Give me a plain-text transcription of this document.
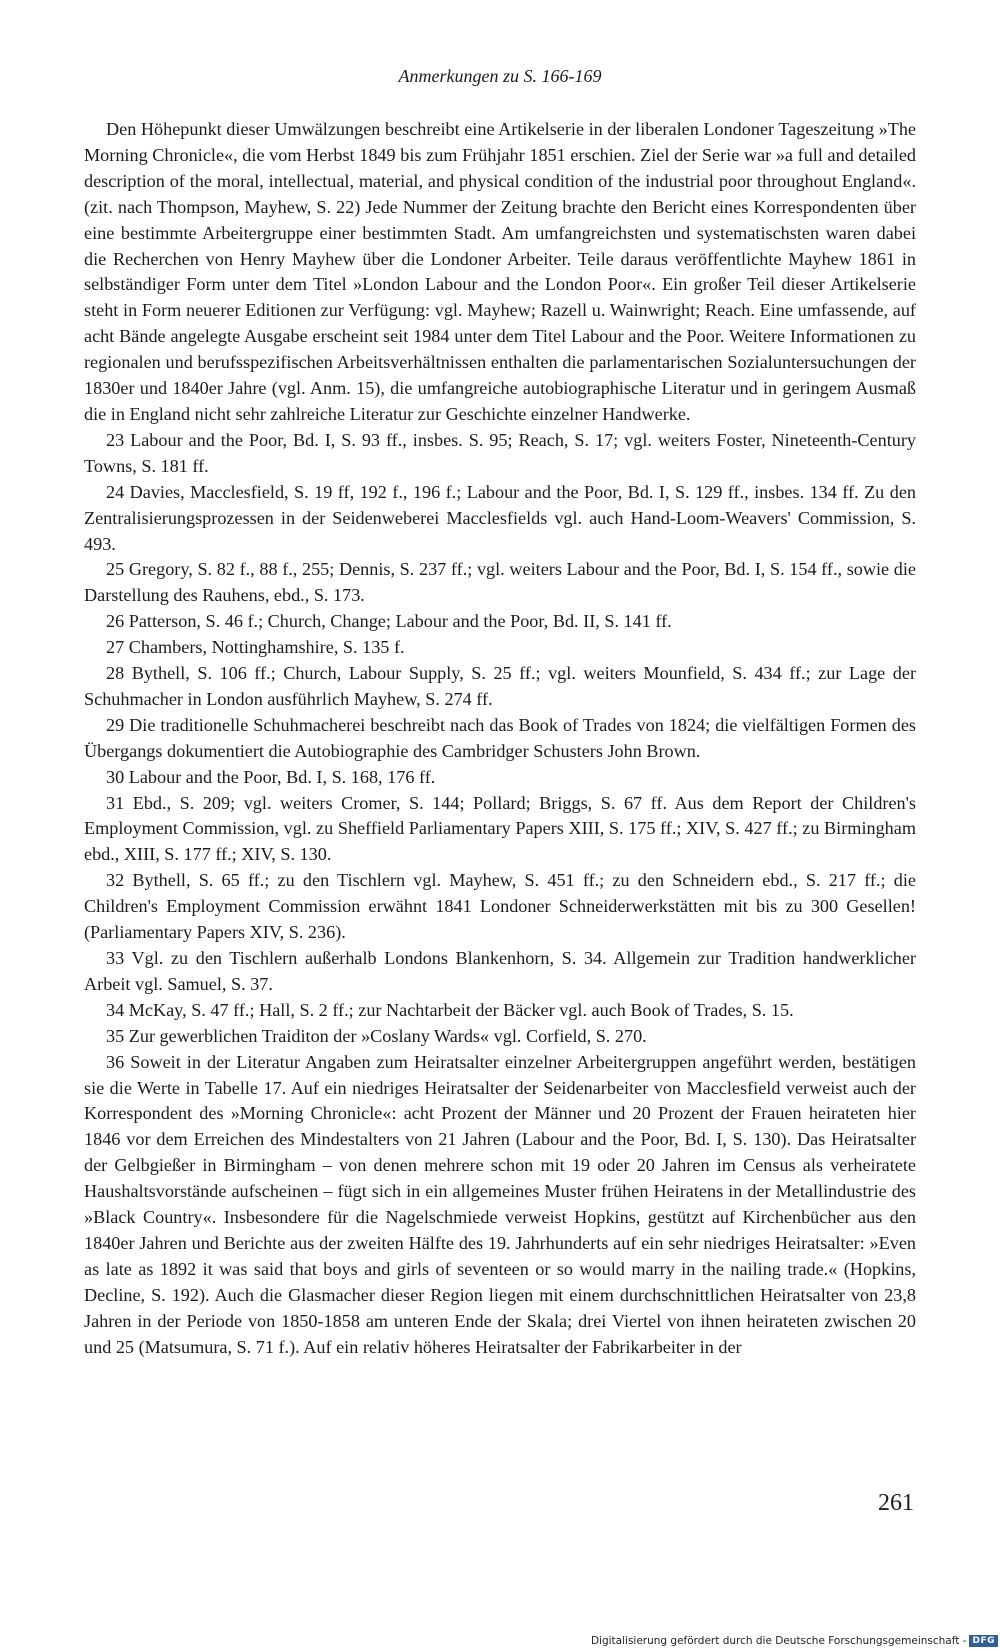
Anmerkungen zu S. 166-169

Den Höhepunkt dieser Umwälzungen beschreibt eine Artikelserie in der liberalen Londoner Tageszeitung »The Morning Chronicle«, die vom Herbst 1849 bis zum Frühjahr 1851 erschien. Ziel der Serie war »a full and detailed description of the moral, intellectual, material, and physical condition of the industrial poor throughout England«. (zit. nach Thompson, Mayhew, S. 22) Jede Nummer der Zeitung brachte den Bericht eines Korrespondenten über eine bestimmte Arbeitergruppe einer bestimmten Stadt. Am umfangreichsten und systematischsten waren dabei die Recherchen von Henry Mayhew über die Londoner Arbeiter. Teile daraus veröffentlichte Mayhew 1861 in selbständiger Form unter dem Titel »London Labour and the London Poor«. Ein großer Teil dieser Artikelserie steht in Form neuerer Editionen zur Verfügung: vgl. Mayhew; Razell u. Wainwright; Reach. Eine umfassende, auf acht Bände angelegte Ausgabe erscheint seit 1984 unter dem Titel Labour and the Poor. Weitere Informationen zu regionalen und berufsspezifischen Arbeitsverhältnissen enthalten die parlamentarischen Sozialuntersuchungen der 1830er und 1840er Jahre (vgl. Anm. 15), die umfangreiche autobiographische Literatur und in geringem Ausmaß die in England nicht sehr zahlreiche Literatur zur Geschichte einzelner Handwerke.

23 Labour and the Poor, Bd. I, S. 93 ff., insbes. S. 95; Reach, S. 17; vgl. weiters Foster, Nineteenth-Century Towns, S. 181 ff.

24 Davies, Macclesfield, S. 19 ff, 192 f., 196 f.; Labour and the Poor, Bd. I, S. 129 ff., insbes. 134 ff. Zu den Zentralisierungsprozessen in der Seidenweberei Macclesfields vgl. auch Hand-Loom-Weavers' Commission, S. 493.

25 Gregory, S. 82 f., 88 f., 255; Dennis, S. 237 ff.; vgl. weiters Labour and the Poor, Bd. I, S. 154 ff., sowie die Darstellung des Rauhens, ebd., S. 173.

26 Patterson, S. 46 f.; Church, Change; Labour and the Poor, Bd. II, S. 141 ff.

27 Chambers, Nottinghamshire, S. 135 f.

28 Bythell, S. 106 ff.; Church, Labour Supply, S. 25 ff.; vgl. weiters Mounfield, S. 434 ff.; zur Lage der Schuhmacher in London ausführlich Mayhew, S. 274 ff.

29 Die traditionelle Schuhmacherei beschreibt nach das Book of Trades von 1824; die vielfältigen Formen des Übergangs dokumentiert die Autobiographie des Cambridger Schusters John Brown.

30 Labour and the Poor, Bd. I, S. 168, 176 ff.

31 Ebd., S. 209; vgl. weiters Cromer, S. 144; Pollard; Briggs, S. 67 ff. Aus dem Report der Children's Employment Commission, vgl. zu Sheffield Parliamentary Papers XIII, S. 175 ff.; XIV, S. 427 ff.; zu Birmingham ebd., XIII, S. 177 ff.; XIV, S. 130.

32 Bythell, S. 65 ff.; zu den Tischlern vgl. Mayhew, S. 451 ff.; zu den Schneidern ebd., S. 217 ff.; die Children's Employment Commission erwähnt 1841 Londoner Schneiderwerkstätten mit bis zu 300 Gesellen! (Parliamentary Papers XIV, S. 236).

33 Vgl. zu den Tischlern außerhalb Londons Blankenhorn, S. 34. Allgemein zur Tradition handwerklicher Arbeit vgl. Samuel, S. 37.

34 McKay, S. 47 ff.; Hall, S. 2 ff.; zur Nachtarbeit der Bäcker vgl. auch Book of Trades, S. 15.

35 Zur gewerblichen Traiditon der »Coslany Wards« vgl. Corfield, S. 270.

36 Soweit in der Literatur Angaben zum Heiratsalter einzelner Arbeitergruppen angeführt werden, bestätigen sie die Werte in Tabelle 17. Auf ein niedriges Heiratsalter der Seidenarbeiter von Macclesfield verweist auch der Korrespondent des »Morning Chronicle«: acht Prozent der Männer und 20 Prozent der Frauen heirateten hier 1846 vor dem Erreichen des Mindestalters von 21 Jahren (Labour and the Poor, Bd. I, S. 130). Das Heiratsalter der Gelbgießer in Birmingham – von denen mehrere schon mit 19 oder 20 Jahren im Census als verheiratete Haushaltsvorstände aufscheinen – fügt sich in ein allgemeines Muster frühen Heiratens in der Metallindustrie des »Black Country«. Insbesondere für die Nagelschmiede verweist Hopkins, gestützt auf Kirchenbücher aus den 1840er Jahren und Berichte aus der zweiten Hälfte des 19. Jahrhunderts auf ein sehr niedriges Heiratsalter: »Even as late as 1892 it was said that boys and girls of seventeen or so would marry in the nailing trade.« (Hopkins, Decline, S. 192). Auch die Glasmacher dieser Region liegen mit einem durchschnittlichen Heiratsalter von 23,8 Jahren in der Periode von 1850-1858 am unteren Ende der Skala; drei Viertel von ihnen heirateten zwischen 20 und 25 (Matsumura, S. 71 f.). Auf ein relativ höheres Heiratsalter der Fabrikarbeiter in der

261
Digitalisierung gefördert durch die Deutsche Forschungsgemeinschaft - DFG
